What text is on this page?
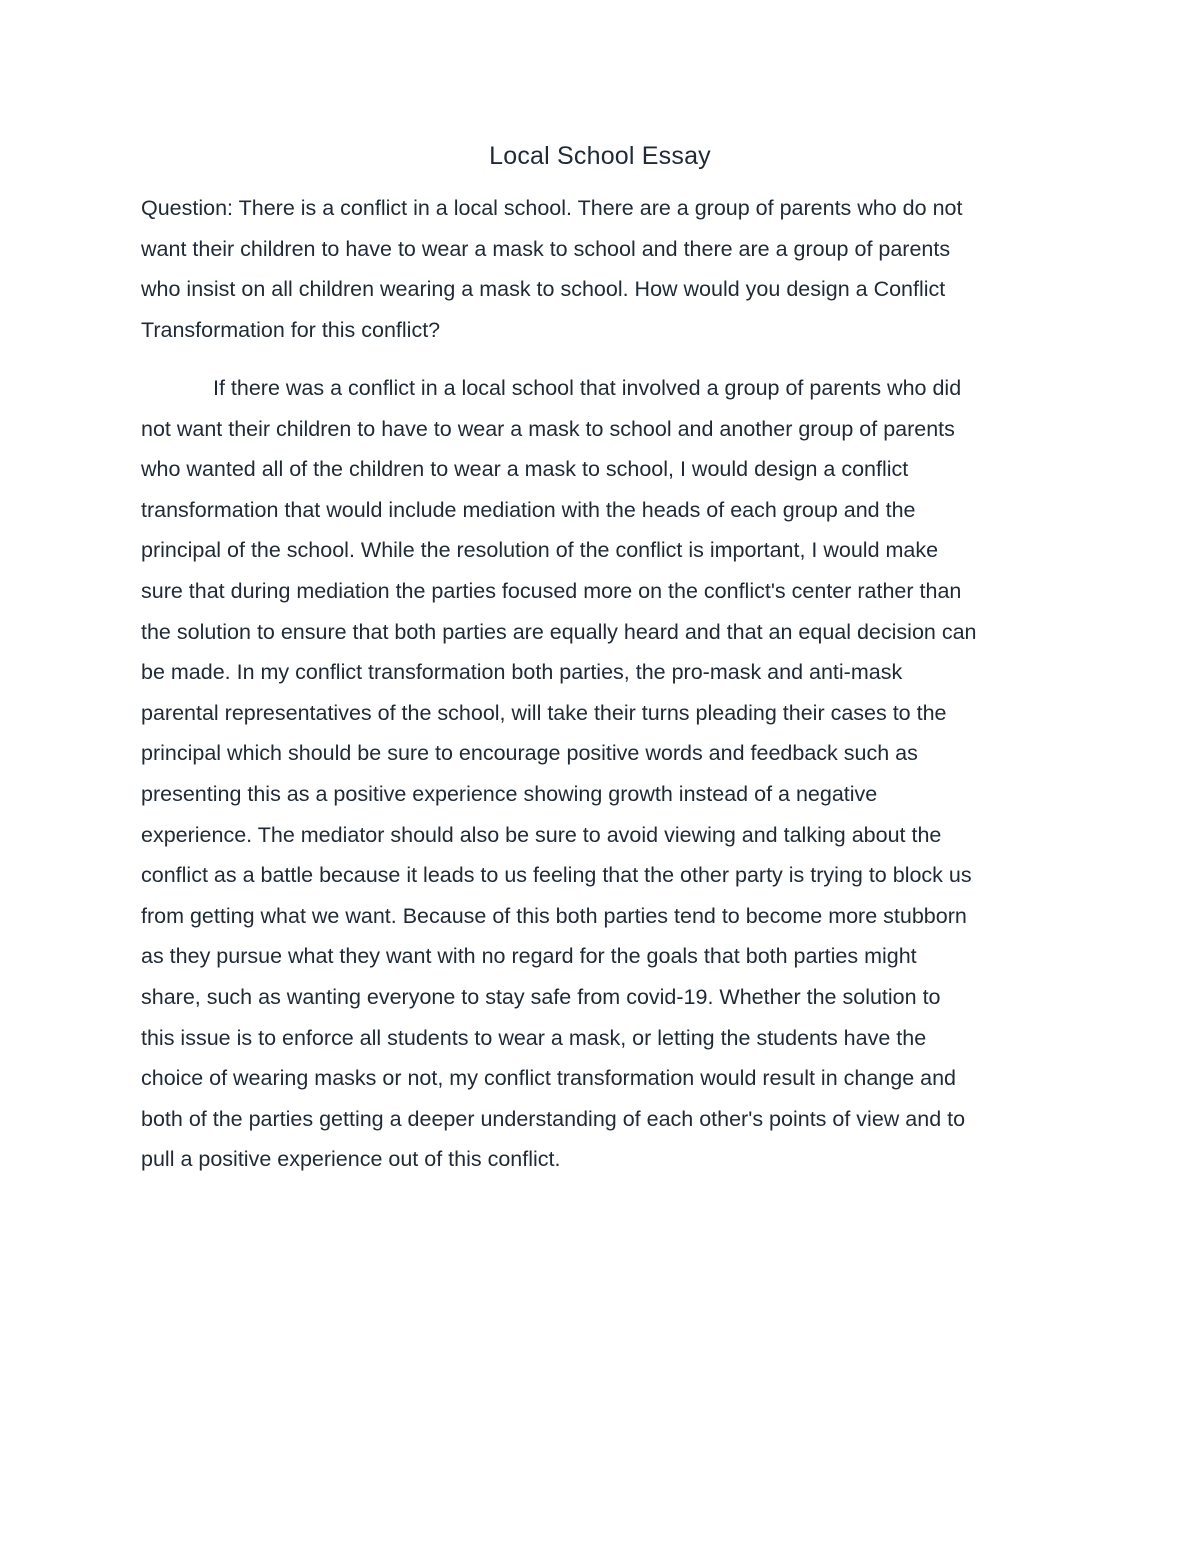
Local School Essay
Question: There is a conflict in a local school. There are a group of parents who do not
want their children to have to wear a mask to school and there are a group of parents
who insist on all children wearing a mask to school. How would you design a Conflict
Transformation for this conflict?
If there was a conflict in a local school that involved a group of parents who did
not want their children to have to wear a mask to school and another group of parents
who wanted all of the children to wear a mask to school, I would design a conflict
transformation that would include mediation with the heads of each group and the
principal of the school. While the resolution of the conflict is important, I would make
sure that during mediation the parties focused more on the conflict's center rather than
the solution to ensure that both parties are equally heard and that an equal decision can
be made. In my conflict transformation both parties, the pro-mask and anti-mask
parental representatives of the school, will take their turns pleading their cases to the
principal which should be sure to encourage positive words and feedback such as
presenting this as a positive experience showing growth instead of a negative
experience. The mediator should also be sure to avoid viewing and talking about the
conflict as a battle because it leads to us feeling that the other party is trying to block us
from getting what we want. Because of this both parties tend to become more stubborn
as they pursue what they want with no regard for the goals that both parties might
share, such as wanting everyone to stay safe from covid-19. Whether the solution to
this issue is to enforce all students to wear a mask, or letting the students have the
choice of wearing masks or not, my conflict transformation would result in change and
both of the parties getting a deeper understanding of each other's points of view and to
pull a positive experience out of this conflict.
